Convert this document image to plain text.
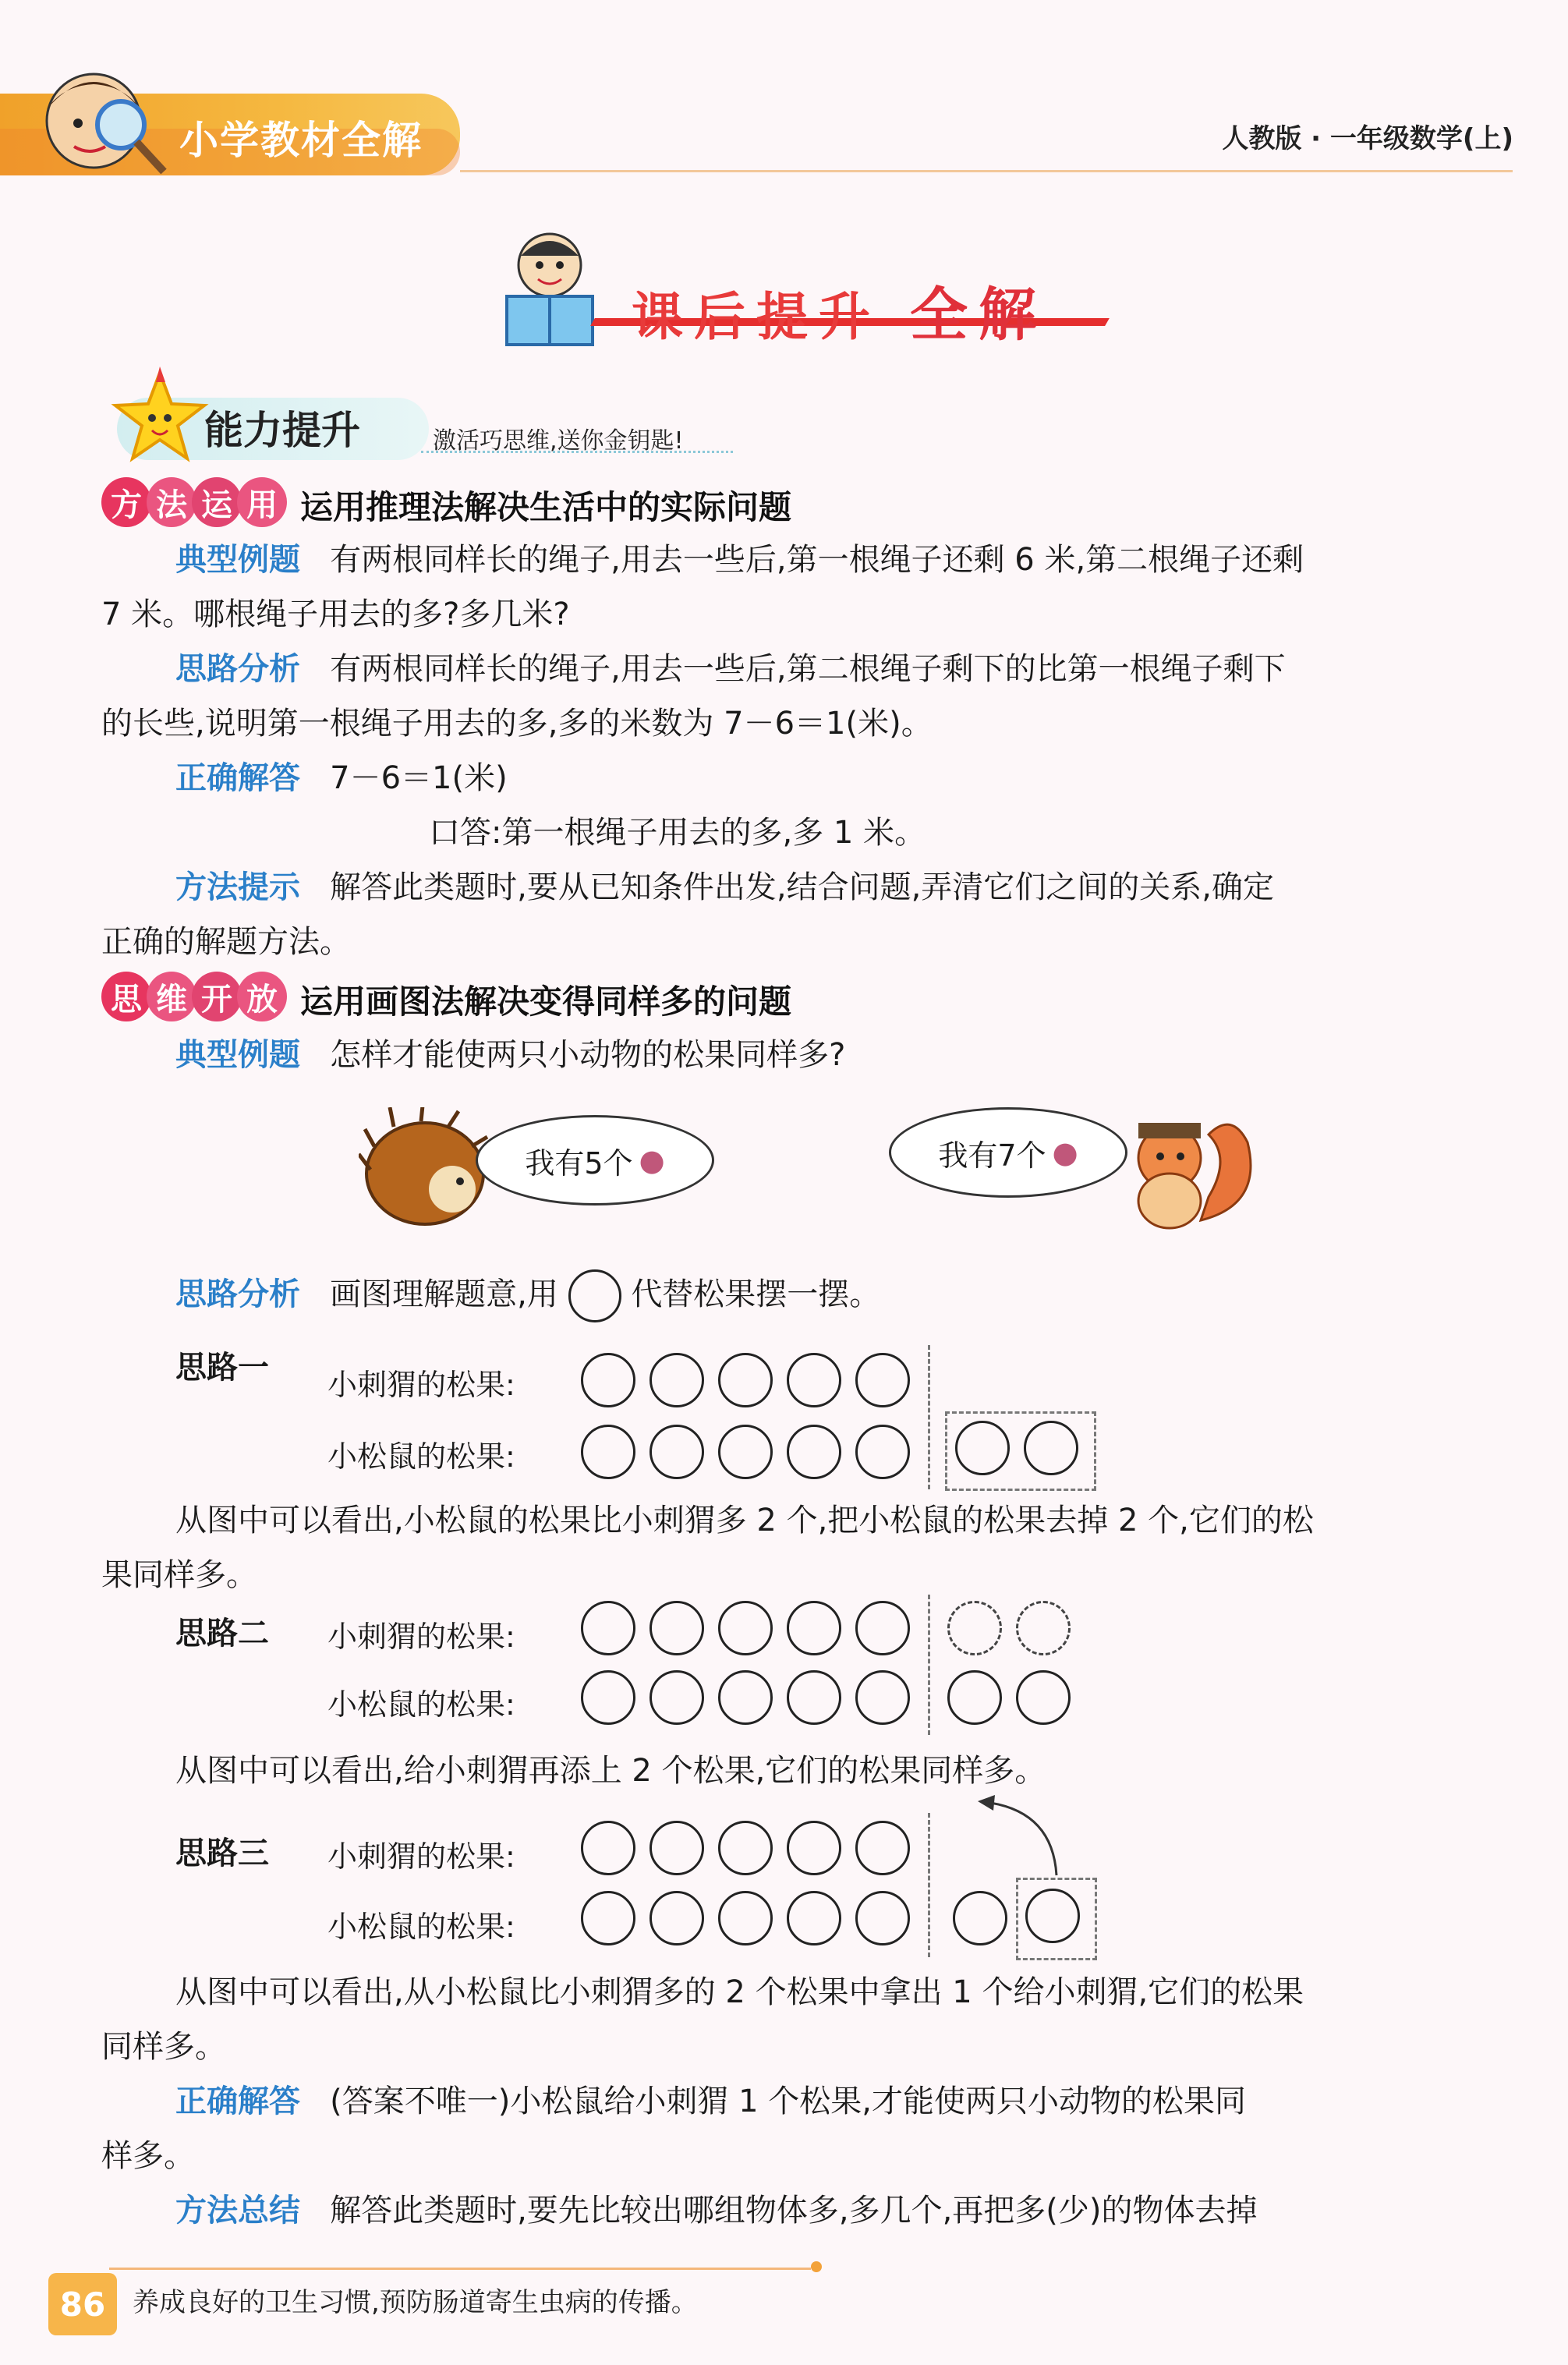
小学教材全解	人教版 · 一年级数学(上)
课后提升 全解
能力提升	激活巧思维,送你金钥匙!
方 法 运 用 运用推理法解决生活中的实际问题
典型例题 有两根同样长的绳子,用去一些后,第一根绳子还剩 6 米,第二根绳子还剩
7 米。哪根绳子用去的多?多几米?
思路分析 有两根同样长的绳子,用去一些后,第二根绳子剩下的比第一根绳子剩下
的长些,说明第一根绳子用去的多,多的米数为 7－6＝1(米)。
正确解答 7－6＝1(米)
口答:第一根绳子用去的多,多 1 米。
方法提示 解答此类题时,要从已知条件出发,结合问题,弄清它们之间的关系,确定
正确的解题方法。
思 维 开 放 运用画图法解决变得同样多的问题
典型例题 怎样才能使两只小动物的松果同样多?
我有5个 ●	我有7个 ●
思路分析 画图理解题意,用 代替松果摆一摆。
思路一 小刺猬的松果:
小松鼠的松果:
从图中可以看出,小松鼠的松果比小刺猬多 2 个,把小松鼠的松果去掉 2 个,它们的松
果同样多。
思路二 小刺猬的松果:
小松鼠的松果:
从图中可以看出,给小刺猬再添上 2 个松果,它们的松果同样多。
思路三 小刺猬的松果:
小松鼠的松果:
从图中可以看出,从小松鼠比小刺猬多的 2 个松果中拿出 1 个给小刺猬,它们的松果
同样多。
正确解答 (答案不唯一)小松鼠给小刺猬 1 个松果,才能使两只小动物的松果同
样多。
方法总结 解答此类题时,要先比较出哪组物体多,多几个,再把多(少)的物体去掉
86	养成良好的卫生习惯,预防肠道寄生虫病的传播。
